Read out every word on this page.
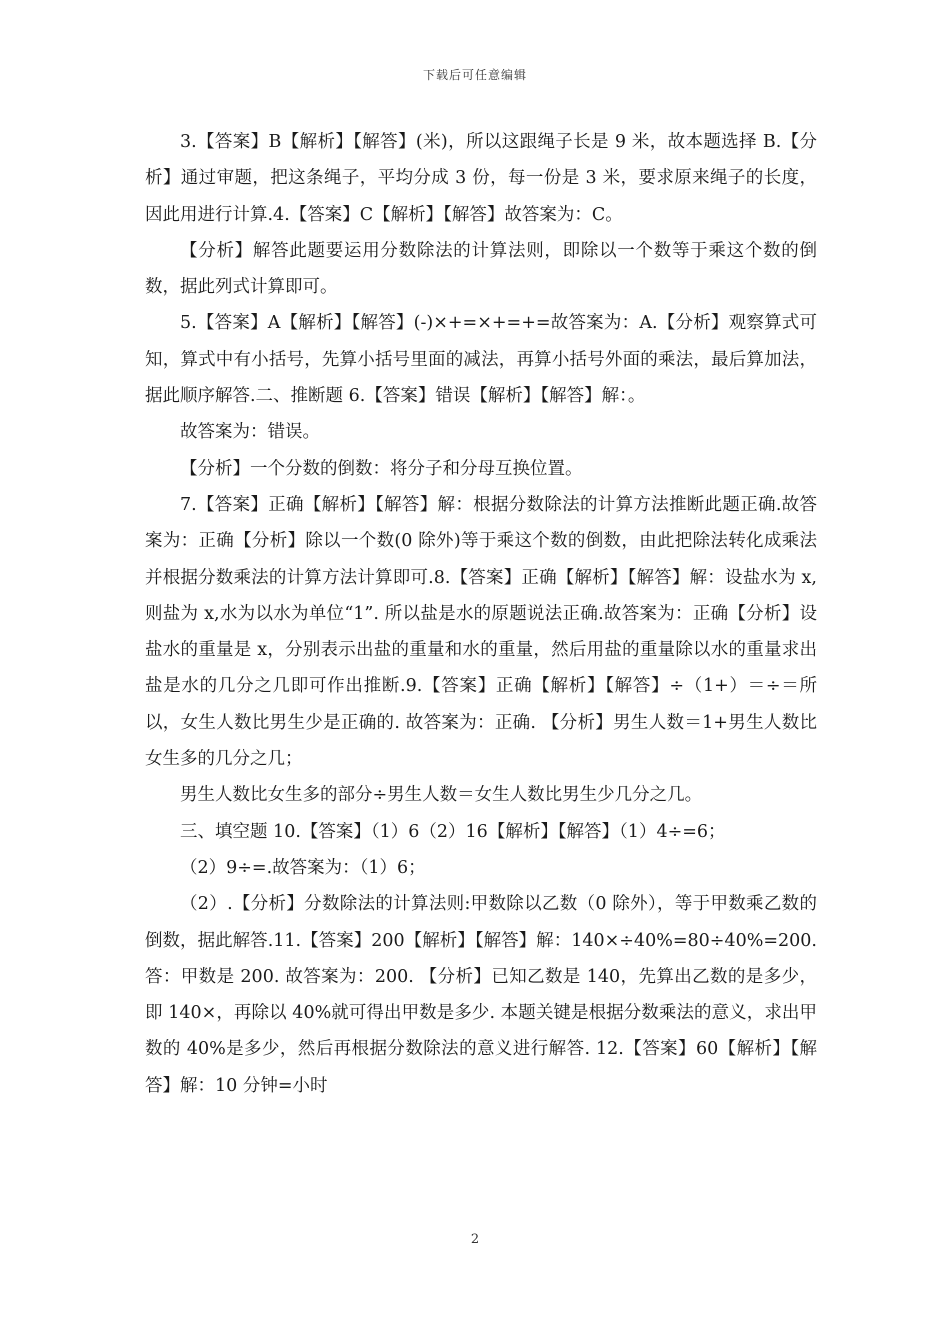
下载后可任意编辑

3.【答案】B【解析】【解答】(米)，所以这跟绳子长是 9 米，故本题选择 B.【分析】通过审题，把这条绳子，平均分成 3 份，每一份是 3 米，要求原来绳子的长度，因此用进行计算.4.【答案】C【解析】【解答】故答案为：C。

【分析】解答此题要运用分数除法的计算法则，即除以一个数等于乘这个数的倒数，据此列式计算即可。

5.【答案】A【解析】【解答】(-)×+=×+=+=故答案为：A.【分析】观察算式可知，算式中有小括号，先算小括号里面的减法，再算小括号外面的乘法，最后算加法，据此顺序解答.二、推断题 6.【答案】错误【解析】【解答】解：。

故答案为：错误。

【分析】一个分数的倒数：将分子和分母互换位置。

7.【答案】正确【解析】【解答】解：根据分数除法的计算方法推断此题正确.故答案为：正确【分析】除以一个数(0 除外)等于乘这个数的倒数，由此把除法转化成乘法并根据分数乘法的计算方法计算即可.8.【答案】正确【解析】【解答】解：设盐水为 x,则盐为 x,水为以水为单位“1”. 所以盐是水的原题说法正确.故答案为：正确【分析】设盐水的重量是 x，分别表示出盐的重量和水的重量，然后用盐的重量除以水的重量求出盐是水的几分之几即可作出推断.9.【答案】正确【解析】【解答】÷（1+）＝÷＝所以，女生人数比男生少是正确的. 故答案为：正确. 【分析】男生人数＝1+男生人数比女生多的几分之几；

男生人数比女生多的部分÷男生人数＝女生人数比男生少几分之几。

三、填空题 10.【答案】（1）6（2）16【解析】【解答】（1）4÷=6；

（2）9÷=.故答案为：（1）6；

（2）.【分析】分数除法的计算法则:甲数除以乙数（0 除外），等于甲数乘乙数的倒数，据此解答.11.【答案】200【解析】【解答】解：140×÷40%=80÷40%=200. 答：甲数是 200. 故答案为：200. 【分析】已知乙数是 140，先算出乙数的是多少，即 140×，再除以 40%就可得出甲数是多少. 本题关键是根据分数乘法的意义，求出甲数的 40%是多少，然后再根据分数除法的意义进行解答. 12.【答案】60【解析】【解答】解：10 分钟=小时

2
